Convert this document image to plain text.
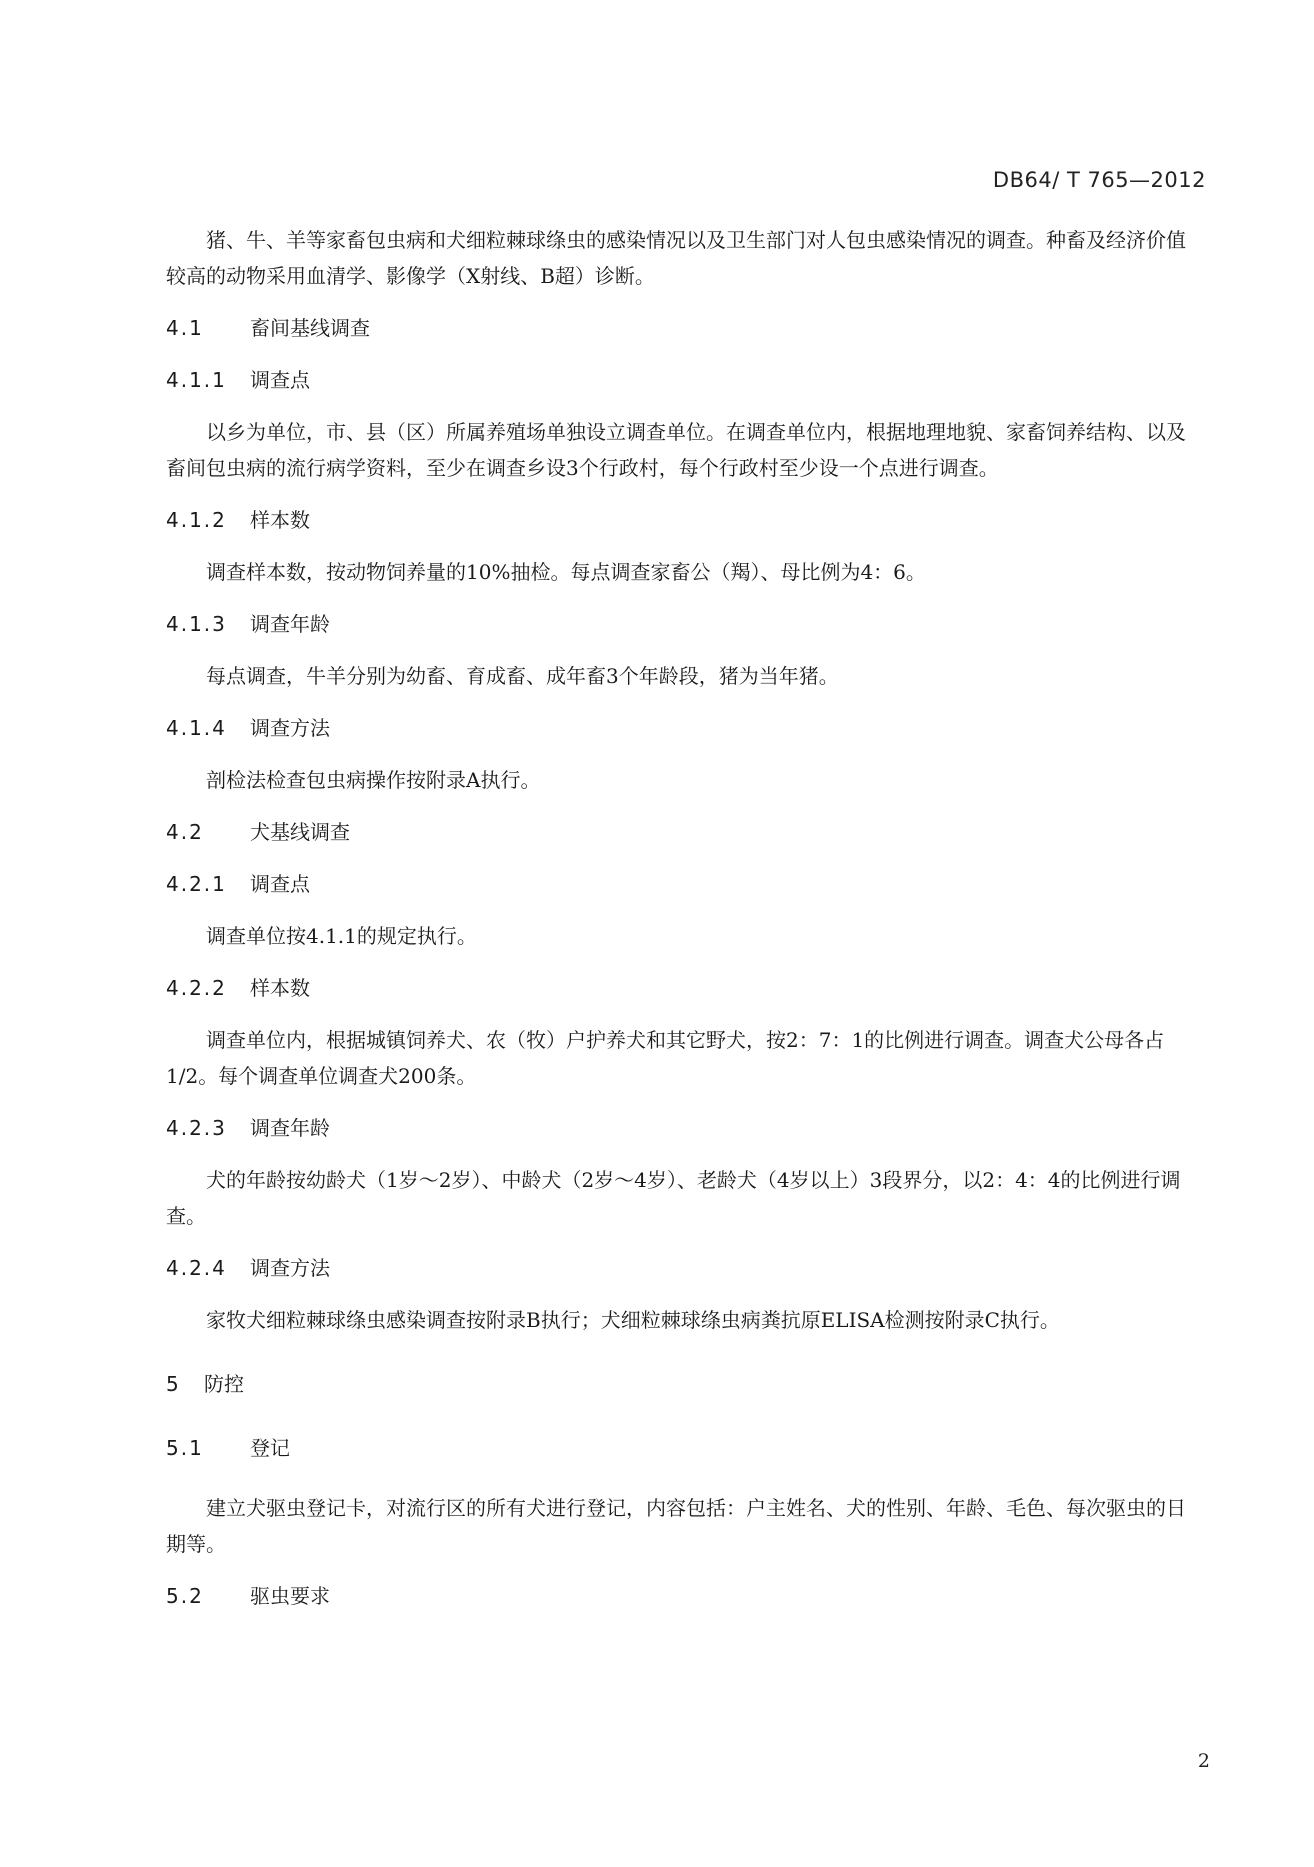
DB64/ T 765—2012

猪、牛、羊等家畜包虫病和犬细粒棘球绦虫的感染情况以及卫生部门对人包虫感染情况的调查。种畜及经济价值较高的动物采用血清学、影像学（X射线、B超）诊断。

4.1 畜间基线调查
4.1.1 调查点

以乡为单位，市、县（区）所属养殖场单独设立调查单位。在调查单位内，根据地理地貌、家畜饲养结构、以及畜间包虫病的流行病学资料，至少在调查乡设3个行政村，每个行政村至少设一个点进行调查。

4.1.2 样本数

调查样本数，按动物饲养量的10%抽检。每点调查家畜公（羯）、母比例为4：6。

4.1.3 调查年龄

每点调查，牛羊分别为幼畜、育成畜、成年畜3个年龄段，猪为当年猪。

4.1.4 调查方法

剖检法检查包虫病操作按附录A执行。

4.2 犬基线调查
4.2.1 调查点

调查单位按4.1.1的规定执行。

4.2.2 样本数

调查单位内，根据城镇饲养犬、农（牧）户护养犬和其它野犬，按2：7：1的比例进行调查。调查犬公母各占1/2。每个调查单位调查犬200条。

4.2.3 调查年龄

犬的年龄按幼龄犬（1岁～2岁）、中龄犬（2岁～4岁）、老龄犬（4岁以上）3段界分，以2：4：4的比例进行调查。

4.2.4 调查方法

家牧犬细粒棘球绦虫感染调查按附录B执行；犬细粒棘球绦虫病粪抗原ELISA检测按附录C执行。

5 防控
5.1 登记

建立犬驱虫登记卡，对流行区的所有犬进行登记，内容包括：户主姓名、犬的性别、年龄、毛色、每次驱虫的日期等。

5.2 驱虫要求
2
